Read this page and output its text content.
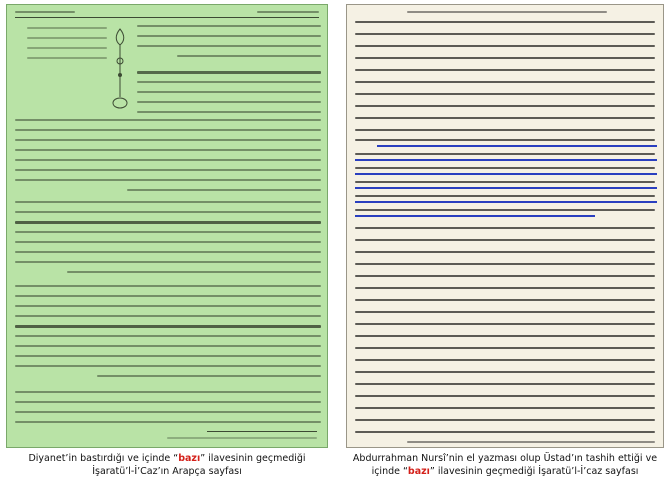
Diyanet’in bastırdığı ve içinde “bazı” ilavesinin geçmediği
İşaratü’l-İ’Caz’ın Arapça sayfası
Abdurrahman Nursî’nin el yazması olup Üstad’ın tashih ettiği ve
içinde “bazı” ilavesinin geçmediği İşaratü’l-İ’caz sayfası
